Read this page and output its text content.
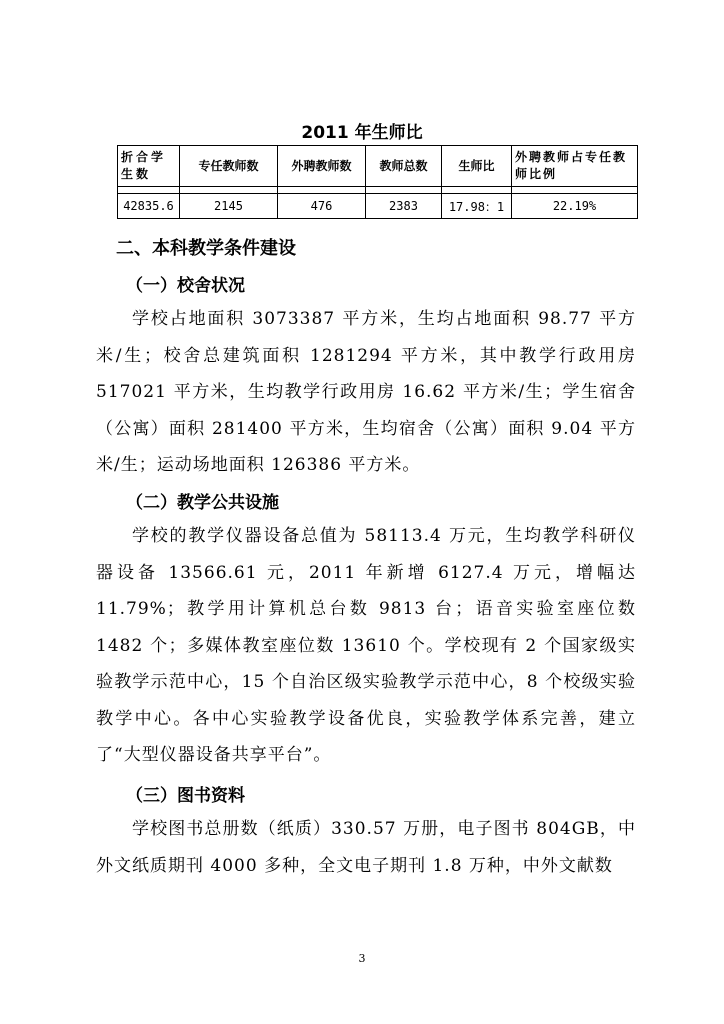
2011 年生师比
折合学生数	专任教师数	外聘教师数	教师总数	生师比	外聘教师占专任教师比例

42835.6	2145	476	2383	17.98：1	22.19%
二、本科教学条件建设
（一）校舍状况
学校占地面积 3073387 平方米，生均占地面积 98.77 平方米/生；校舍总建筑面积 1281294 平方米，其中教学行政用房 517021 平方米，生均教学行政用房 16.62 平方米/生；学生宿舍（公寓）面积 281400 平方米，生均宿舍（公寓）面积 9.04 平方米/生；运动场地面积 126386 平方米。
（二）教学公共设施
学校的教学仪器设备总值为 58113.4 万元，生均教学科研仪器设备 13566.61 元，2011 年新增 6127.4 万元，增幅达 11.79%；教学用计算机总台数 9813 台；语音实验室座位数 1482 个；多媒体教室座位数 13610 个。学校现有 2 个国家级实验教学示范中心，15 个自治区级实验教学示范中心，8 个校级实验教学中心。各中心实验教学设备优良，实验教学体系完善，建立了“大型仪器设备共享平台”。
（三）图书资料
学校图书总册数（纸质）330.57 万册，电子图书 804GB，中外文纸质期刊 4000 多种，全文电子期刊 1.8 万种，中外文献数
3
